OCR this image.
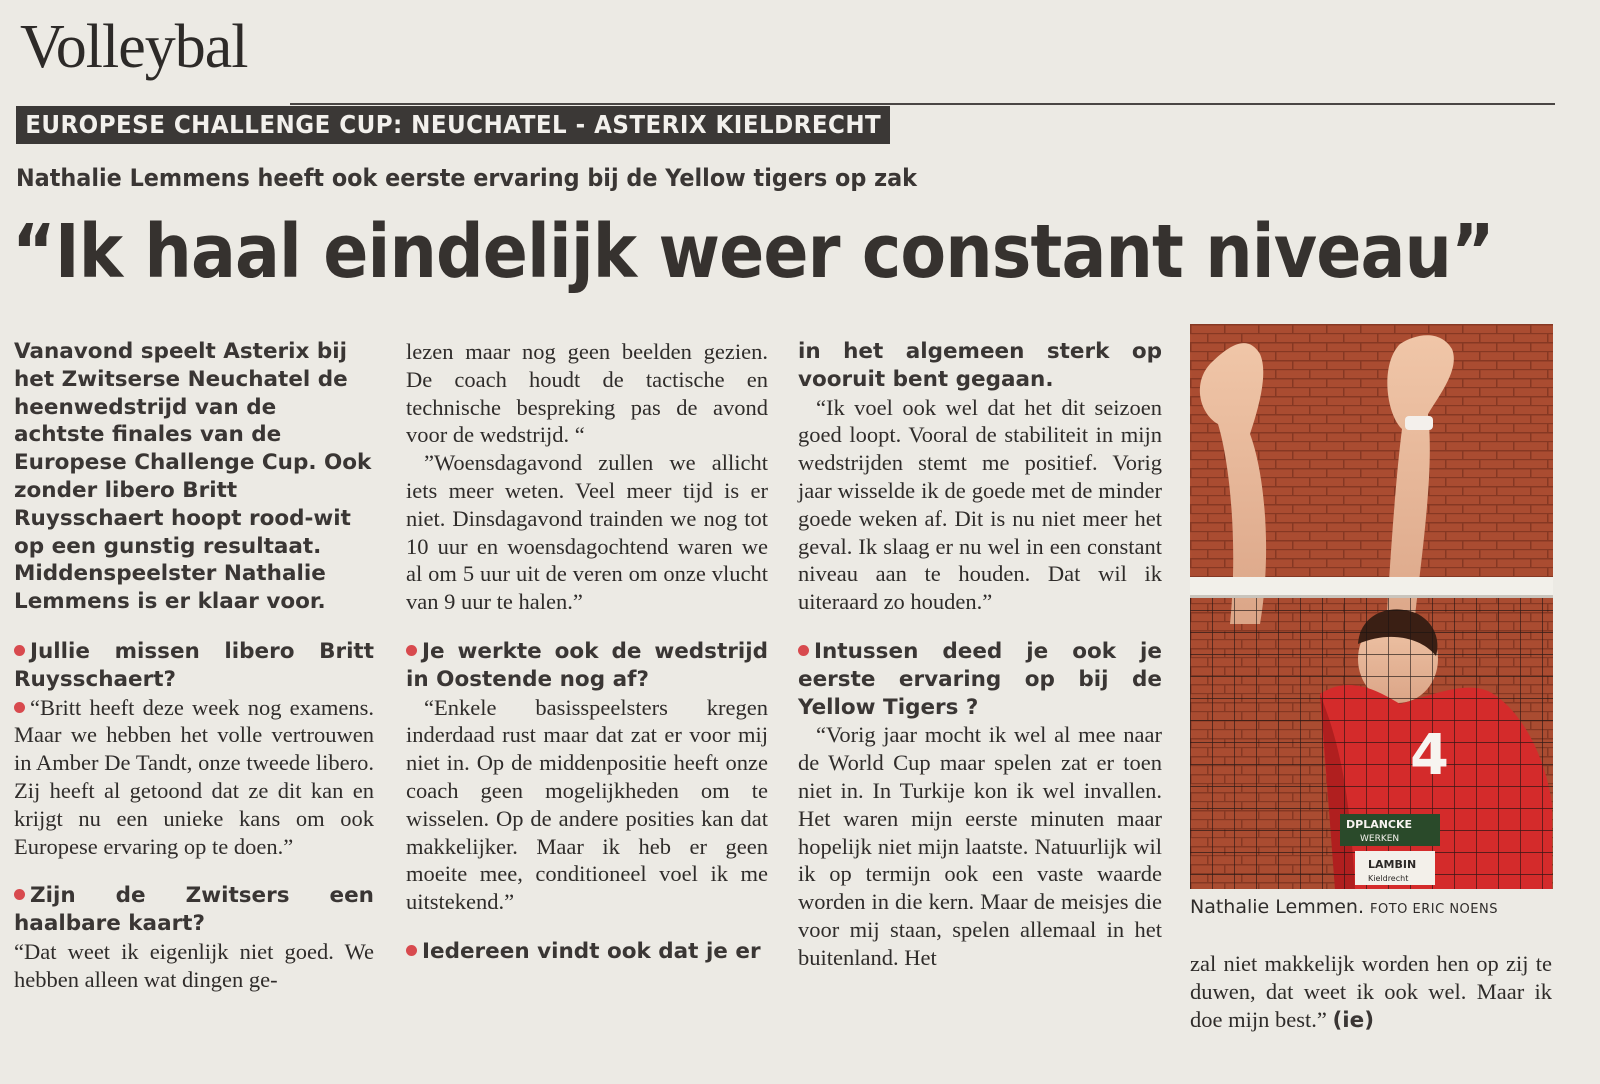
Volleybal
EUROPESE CHALLENGE CUP: NEUCHATEL - ASTERIX KIELDRECHT
Nathalie Lemmens heeft ook eerste ervaring bij de Yellow tigers op zak
“Ik haal eindelijk weer constant niveau”

Vanavond speelt Asterix bij het Zwitserse Neuchatel de heenwedstrijd van de achtste finales van de Europese Challenge Cup. Ook zonder libero Britt Ruysschaert hoopt rood-wit op een gunstig resultaat. Middenspeelster Nathalie Lemmens is er klaar voor.

Jullie missen libero Britt Ruysschaert?

“Britt heeft deze week nog examens. Maar we hebben het volle vertrouwen in Amber De Tandt, onze tweede libero. Zij heeft al getoond dat ze dit kan en krijgt nu een unieke kans om ook Europese ervaring op te doen.”

Zijn de Zwitsers een haalbare kaart?

“Dat weet ik eigenlijk niet goed. We hebben alleen wat dingen ge-

lezen maar nog geen beelden gezien. De coach houdt de tactische en technische bespreking pas de avond voor de wedstrijd. “

”Woensdagavond zullen we allicht iets meer weten. Veel meer tijd is er niet. Dinsdagavond trainden we nog tot 10 uur en woensdagochtend waren we al om 5 uur uit de veren om onze vlucht van 9 uur te halen.”

Je werkte ook de wedstrijd in Oostende nog af?

“Enkele basisspeelsters kregen inderdaad rust maar dat zat er voor mij niet in. Op de middenpositie heeft onze coach geen mogelijkheden om te wisselen. Op de andere posities kan dat makkelijker. Maar ik heb er geen moeite mee, conditioneel voel ik me uitstekend.”

Iedereen vindt ook dat je er

in het algemeen sterk op vooruit bent gegaan.

“Ik voel ook wel dat het dit seizoen goed loopt. Vooral de stabiliteit in mijn wedstrijden stemt me positief. Vorig jaar wisselde ik de goede met de minder goede weken af. Dit is nu niet meer het geval. Ik slaag er nu wel in een constant niveau aan te houden. Dat wil ik uiteraard zo houden.”

Intussen deed je ook je eerste ervaring op bij de Yellow Tigers ?

“Vorig jaar mocht ik wel al mee naar de World Cup maar spelen zat er toen niet in. In Turkije kon ik wel invallen. Het waren mijn eerste minuten maar hopelijk niet mijn laatste. Natuurlijk wil ik op termijn ook een vaste waarde worden in die kern. Maar de meisjes die voor mij staan, spelen allemaal in het buitenland. Het

4
DPLANCKE
WERKEN
LAMBIN
Kieldrecht
Nathalie Lemmen. FOTO ERIC NOENS

zal niet makkelijk worden hen op zij te duwen, dat weet ik ook wel. Maar ik doe mijn best.” (ie)
